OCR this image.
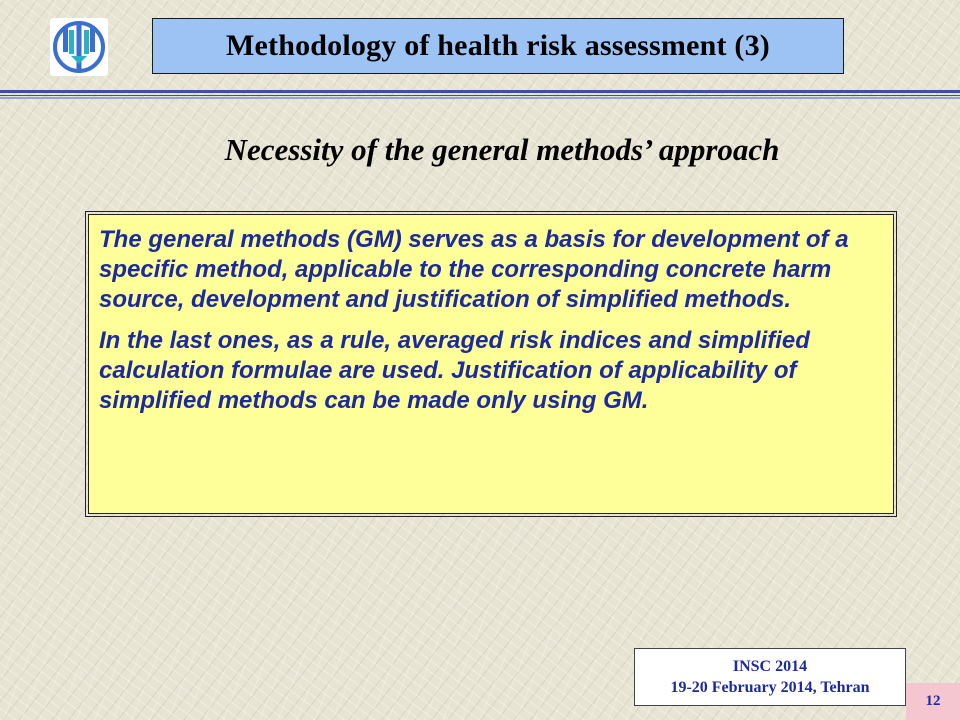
Methodology of health risk assessment (3)
Necessity of the general methods’ approach

The general methods (GM) serves as a basis for development of a specific method, applicable to the corresponding concrete harm source, development and justification of simplified methods.

In the last ones, as a rule, averaged risk indices and simplified calculation formulae are used. Justification of applicability of simplified methods can be made only using GM.

INSC 2014
19-20 February 2014, Tehran
12
